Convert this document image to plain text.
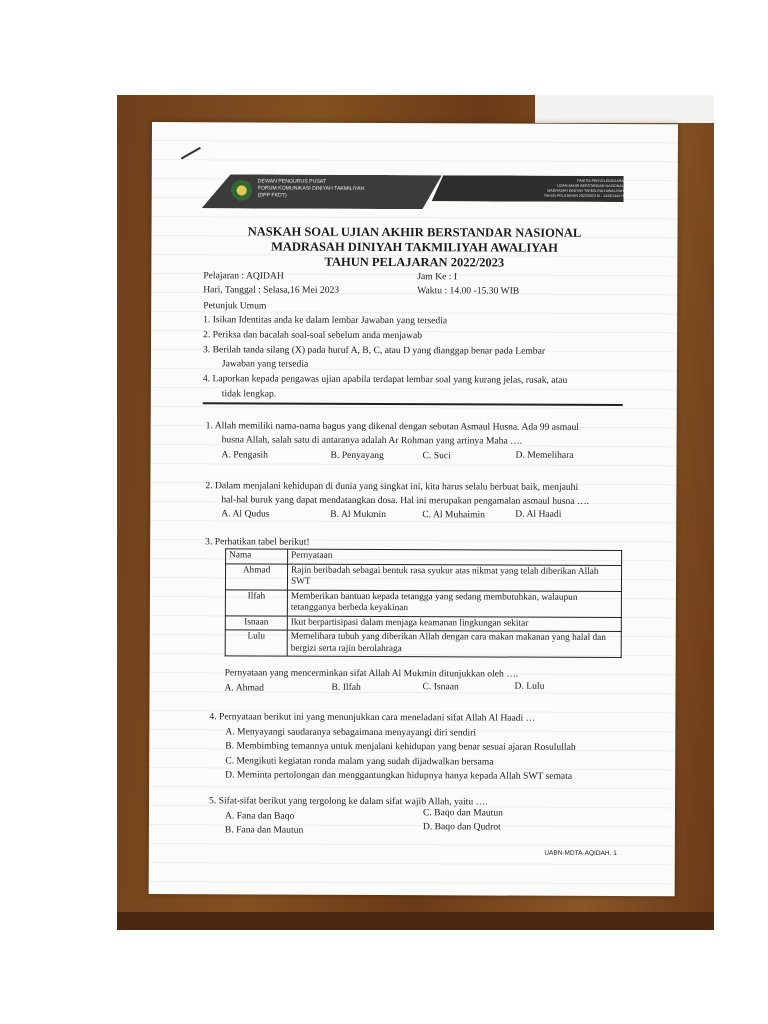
DEWAN PENGURUS PUSAT
FORUM KOMUNIKASI DINIYAH TAKMILIYAH
(DPP FKDT)
PANITIA PENYELENGGARA
UJIAN AKHIR BERSTANDAR NASIONAL
MADRASAH DINIYAH TAKMILIYAH AWALIYAH
TAHUN PELAJARAN 2022/2023 M - 1443/1444 H
NASKAH SOAL UJIAN AKHIR BERSTANDAR NASIONAL
MADRASAH DINIYAH TAKMILIYAH AWALIYAH
TAHUN PELAJARAN 2022/2023
Pelajaran : AQIDAH	Jam Ke : I
Hari, Tanggal : Selasa,16 Mei 2023	Waktu : 14.00 -15.30 WIB
Petunjuk Umum
1. Isikan Identitas anda ke dalam lembar Jawaban yang tersedia
2. Periksa dan bacalah soal-soal sebelum anda menjawab
3. Berilah tanda silang (X) pada huruf A, B, C, atau D yang dianggap benar pada Lembar
Jawaban yang tersedia
4. Laporkan kepada pengawas ujian apabila terdapat lembar soal yang kurang jelas, rusak, atau
tidak lengkap.
1. Allah memiliki nama-nama bagus yang dikenal dengan sebutan Asmaul Husna. Ada 99 asmaul
husna Allah, salah satu di antaranya adalah Ar Rohman yang artinya Maha ….
A. Pengasih	B. Penyayang	C. Suci	D. Memelihara
2. Dalam menjalani kehidupan di dunia yang singkat ini, kita harus selalu berbuat baik, menjauhi
hal-hal buruk yang dapat mendatangkan dosa. Hal ini merupakan pengamalan asmaul husna ….
A. Al Qudus	B. Al Mukmin	C. Al Muhaimin	D. Al Haadi
3. Perhatikan tabel berikut!
Nama	Pernyataan
Ahmad	Rajin beribadah sebagai bentuk rasa syukur atas nikmat yang telah diberikan Allah SWT
Ilfah	Memberikan bantuan kepada tetangga yang sedang membutuhkan, walaupun tetangganya berbeda keyakinan
Isnaan	Ikut berpartisipasi dalam menjaga keamanan lingkungan sekitar
Lulu	Memelihara tubuh yang diberikan Allah dengan cara makan makanan yang halal dan bergizi serta rajin berolahraga
Pernyataan yang mencerminkan sifat Allah Al Mukmin ditunjukkan oleh ….
A. Ahmad	B. Ilfah	C. Isnaan	D. Lulu
4. Pernyataan berikut ini yang menunjukkan cara meneladani sifat Allah Al Haadi …
A. Menyayangi saudaranya sebagaimana menyayangi diri sendiri
B. Membimbing temannya untuk menjalani kehidupan yang benar sesuai ajaran Rosulullah
C. Mengikuti kegiatan ronda malam yang sudah dijadwalkan bersama
D. Meminta pertolongan dan menggantungkan hidupnya hanya kepada Allah SWT semata
5. Sifat-sifat berikut yang tergolong ke dalam sifat wajib Allah, yaitu ….
A. Fana dan Baqo
B. Fana dan Mautun
C. Baqo dan Mautun
D. Baqo dan Qudrot
UABN-MDTA-AQIDAH. 1
